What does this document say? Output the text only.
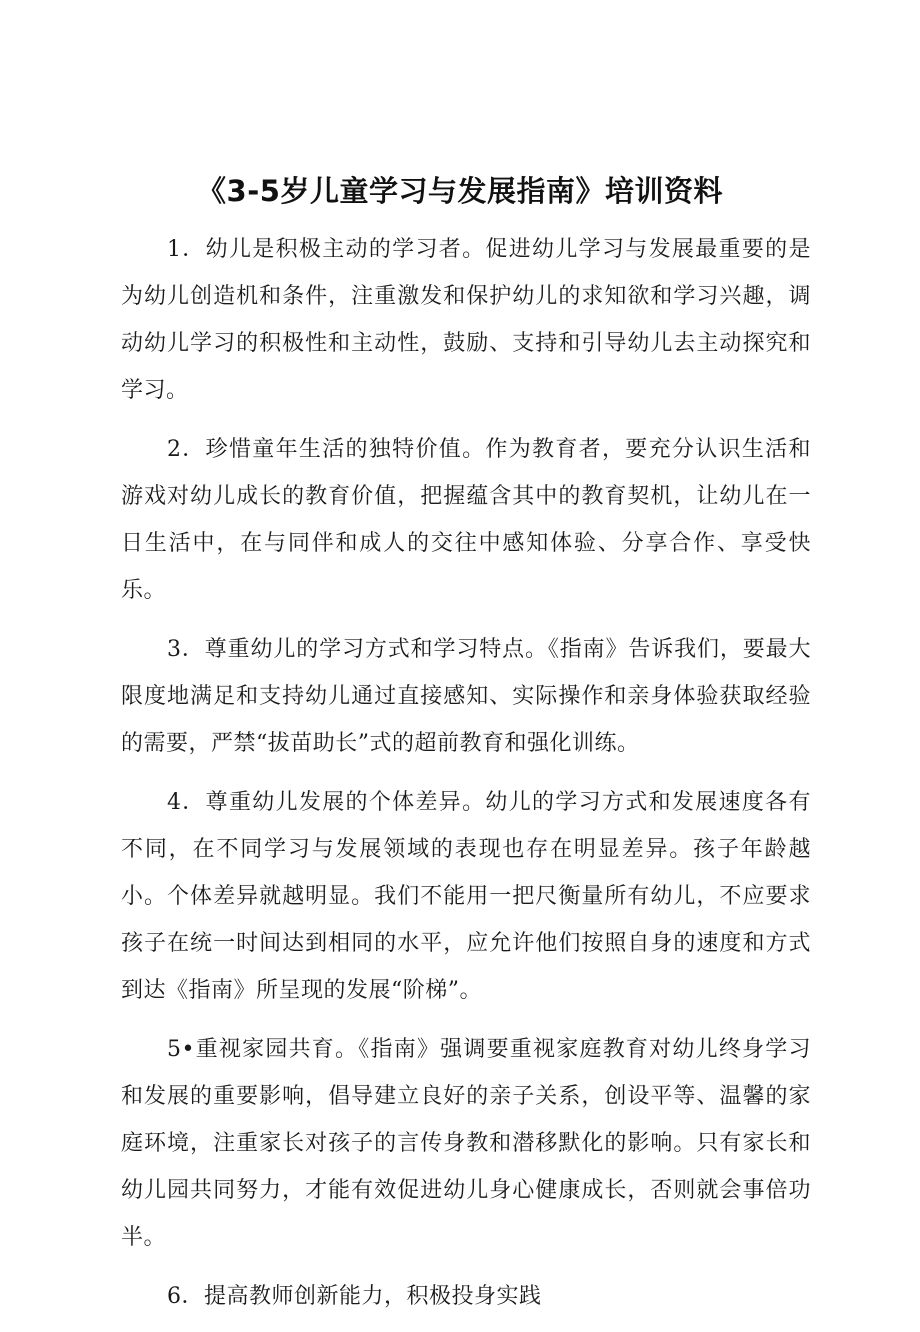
《3-5岁儿童学习与发展指南》培训资料

1．幼儿是积极主动的学习者。促进幼儿学习与发展最重要的是为幼儿创造机和条件，注重激发和保护幼儿的求知欲和学习兴趣，调动幼儿学习的积极性和主动性，鼓励、支持和引导幼儿去主动探究和学习。

2．珍惜童年生活的独特价值。作为教育者，要充分认识生活和游戏对幼儿成长的教育价值，把握蕴含其中的教育契机，让幼儿在一日生活中，在与同伴和成人的交往中感知体验、分享合作、享受快乐。

3．尊重幼儿的学习方式和学习特点。《指南》告诉我们，要最大限度地满足和支持幼儿通过直接感知、实际操作和亲身体验获取经验的需要，严禁“拔苗助长”式的超前教育和强化训练。

4．尊重幼儿发展的个体差异。幼儿的学习方式和发展速度各有不同，在不同学习与发展领域的表现也存在明显差异。孩子年龄越小。个体差异就越明显。我们不能用一把尺衡量所有幼儿，不应要求孩子在统一时间达到相同的水平，应允许他们按照自身的速度和方式到达《指南》所呈现的发展“阶梯”。

5•重视家园共育。《指南》强调要重视家庭教育对幼儿终身学习和发展的重要影响，倡导建立良好的亲子关系，创设平等、温馨的家庭环境，注重家长对孩子的言传身教和潜移默化的影响。只有家长和幼儿园共同努力，才能有效促进幼儿身心健康成长，否则就会事倍功半。

6．提高教师创新能力，积极投身实践
